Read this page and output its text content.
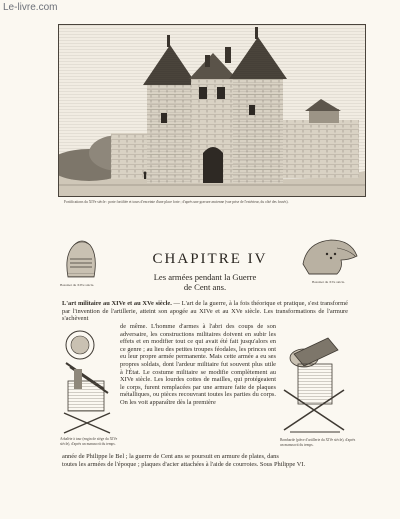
Le-livre.com
Fortifications du XIVe siècle : porte fortifiée et tours d'enceinte d'une place forte ; d'après une gravure ancienne (vue prise de l'extérieur, du côté des fossés).
Bassinet du XIVe siècle.
Bassinet du XVe siècle.
CHAPITRE IV
Les armées pendant la Guerre
de Cent ans.
L'art militaire au XIVe et au XVe siècle. — L'art de la guerre, à la fois théorique et pratique, s'est transformé par l'invention de l'artillerie, atteint son apogée au XIVe et au XVe siècle. Les transformations de l'armure s'achèvent
de même. L'homme d'armes à l'abri des coups de son adversaire, les constructions militaires doivent en subir les effets et en modifier tout ce qui avait été fait jusqu'alors en ce genre ; au lieu des petites troupes féodales, les princes ont eu leur propre armée permanente. Mais cette armée a eu ses propres soldats, dont l'ardeur militaire fut souvent plus utile à l'État. Le costume militaire se modifie complètement au XIVe siècle. Les lourdes cottes de mailles, qui protégeaient le corps, furent remplacées par une armure faite de plaques métalliques, ou pièces recouvrant toutes les parties du corps. On les voit apparaître dès la première
Arbalète à tour (engin de siège du XIVe siècle), d'après un manuscrit du temps.
Bombarde (pièce d'artillerie du XIVe siècle), d'après un manuscrit du temps.
année de Philippe le Bel ; la guerre de Cent ans se poursuit en armure de plates, dans
toutes les armées de l'époque ; plaques d'acier attachées à l'aide de courroies. Sous Philippe VI.
